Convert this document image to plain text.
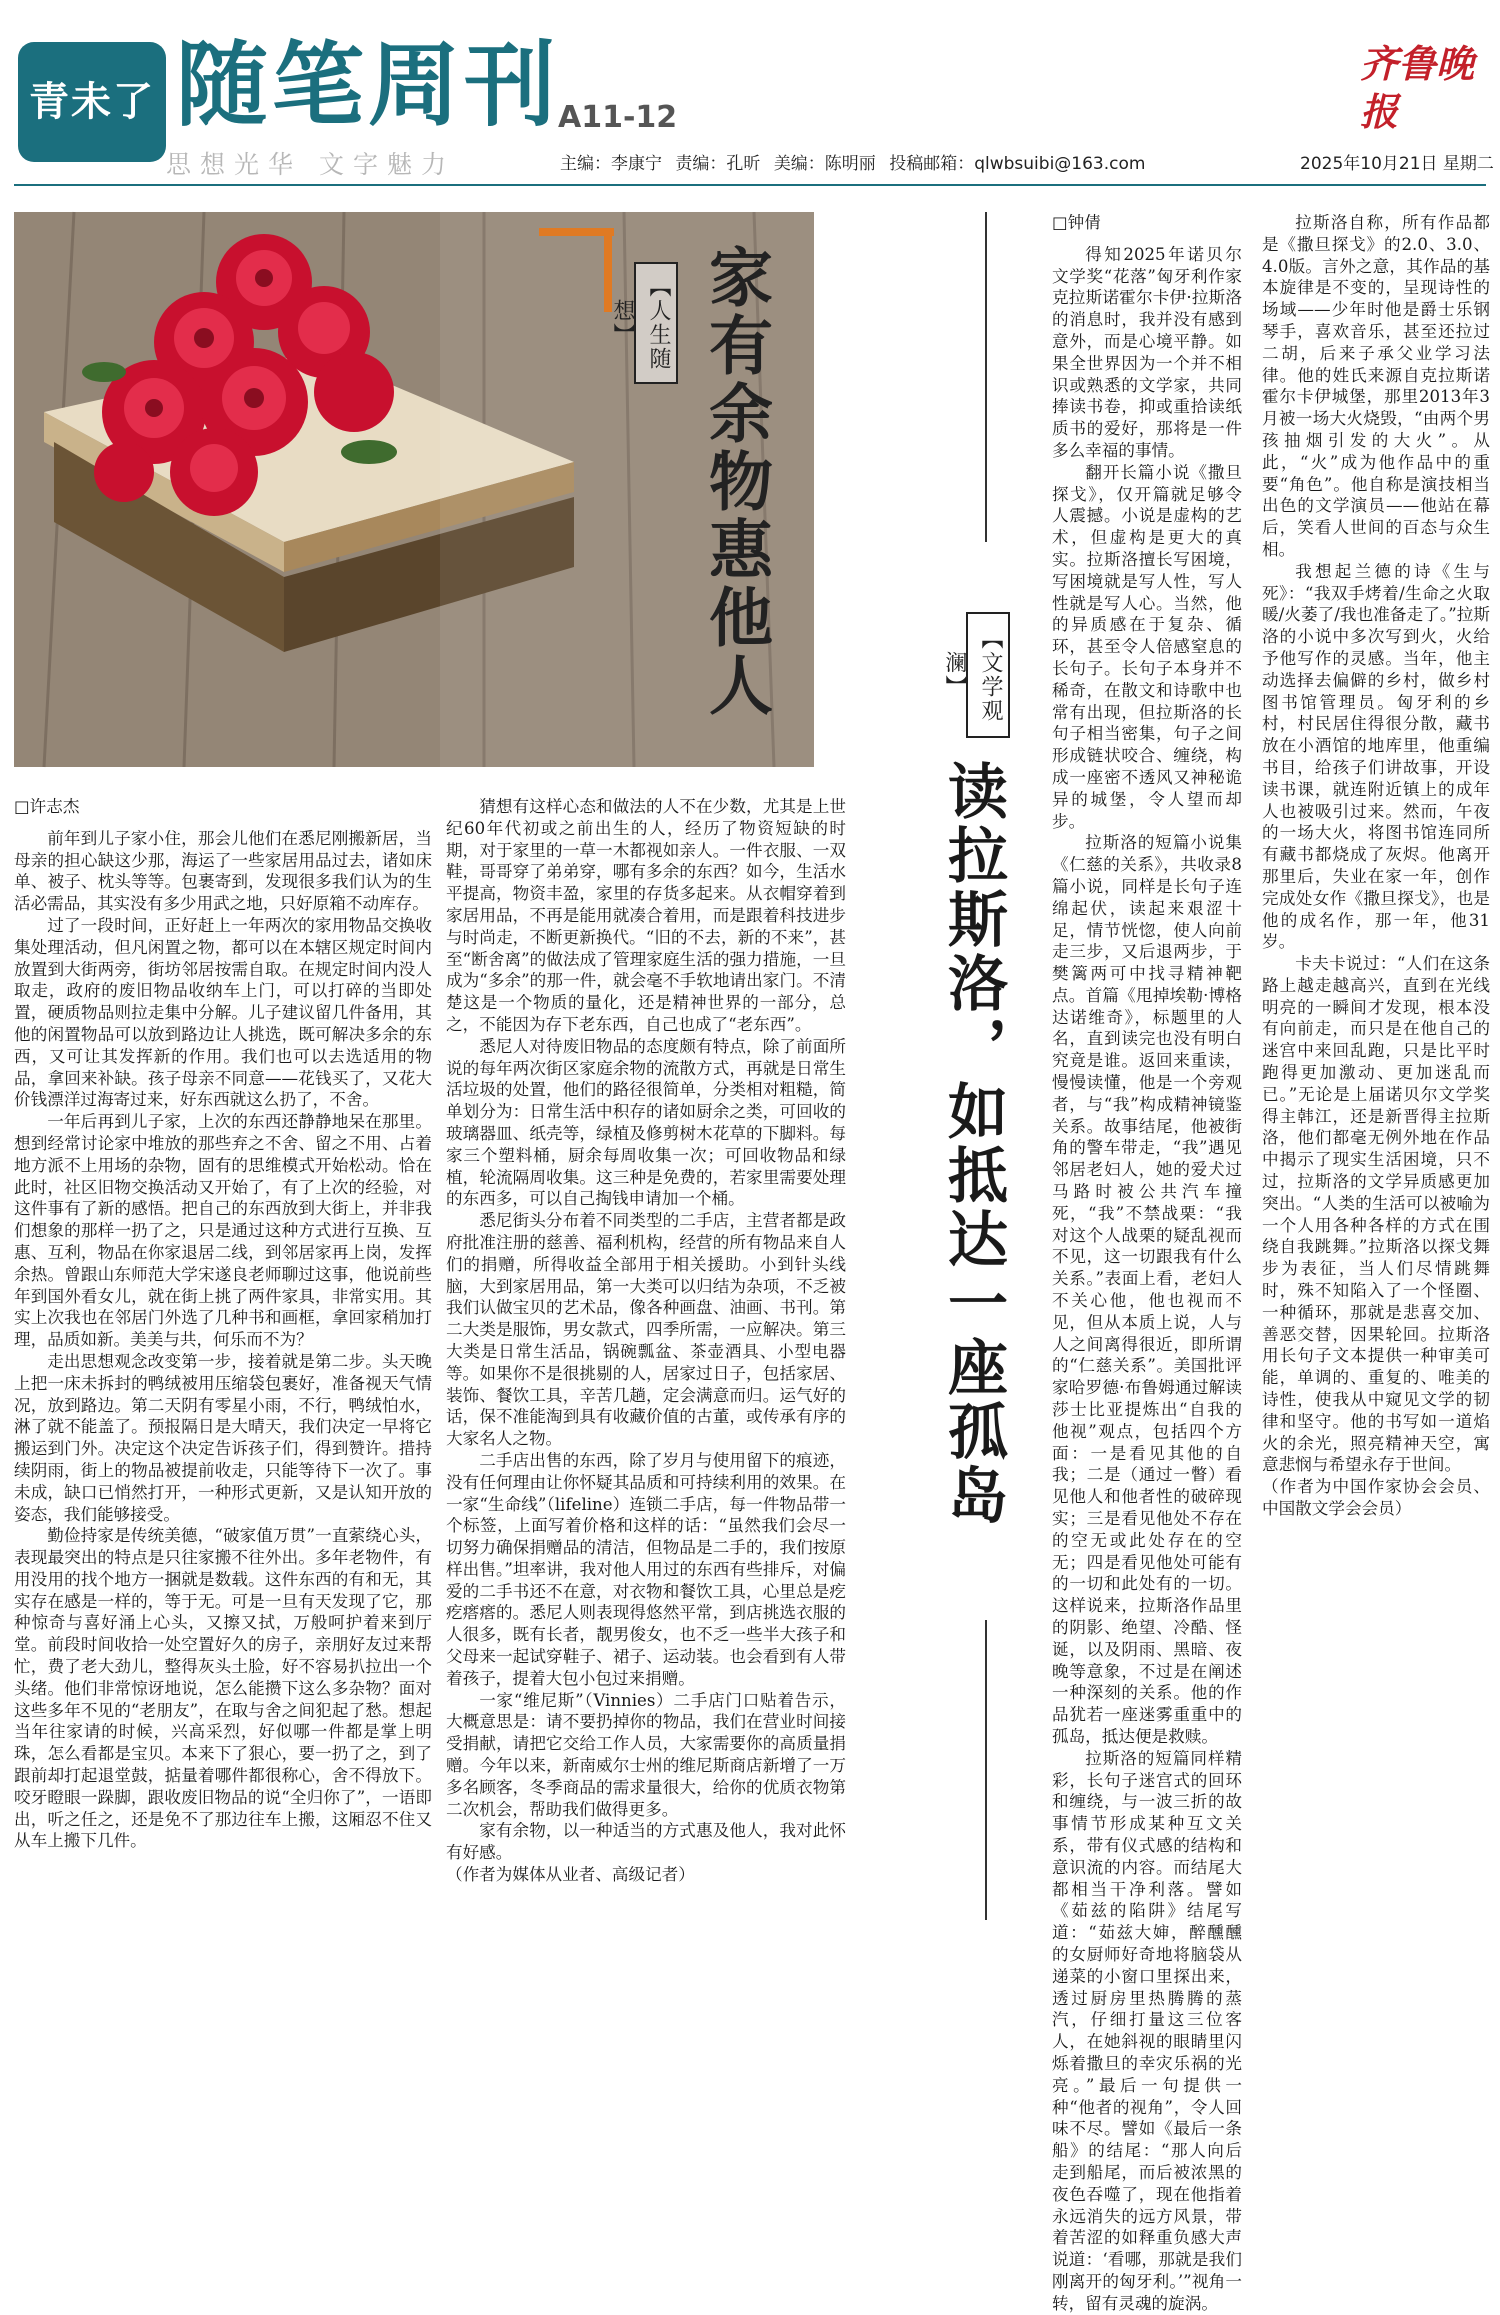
青未了 随笔周刊
思想光华 文字魅力
A11-12
主编：李康宁 责编：孔昕 美编：陈明丽 投稿邮箱：qlwbsuibi@163.com
齐鲁晚报
2025年10月21日 星期二
【人生随想】 家有余物惠他人

□许志杰

前年到儿子家小住，那会儿他们在悉尼刚搬新居，当母亲的担心缺这少那，海运了一些家居用品过去，诸如床单、被子、枕头等等。包裹寄到，发现很多我们认为的生活必需品，其实没有多少用武之地，只好原箱不动库存。

过了一段时间，正好赶上一年两次的家用物品交换收集处理活动，但凡闲置之物，都可以在本辖区规定时间内放置到大街两旁，街坊邻居按需自取。在规定时间内没人取走，政府的废旧物品收纳车上门，可以打碎的当即处置，硬质物品则拉走集中分解。儿子建议留几件备用，其他的闲置物品可以放到路边让人挑选，既可解决多余的东西，又可让其发挥新的作用。我们也可以去选适用的物品，拿回来补缺。孩子母亲不同意——花钱买了，又花大价钱漂洋过海寄过来，好东西就这么扔了，不舍。

一年后再到儿子家，上次的东西还静静地呆在那里。想到经常讨论家中堆放的那些弃之不舍、留之不用、占着地方派不上用场的杂物，固有的思维模式开始松动。恰在此时，社区旧物交换活动又开始了，有了上次的经验，对这件事有了新的感悟。把自己的东西放到大街上，并非我们想象的那样一扔了之，只是通过这种方式进行互换、互惠、互利，物品在你家退居二线，到邻居家再上岗，发挥余热。曾跟山东师范大学宋遂良老师聊过这事，他说前些年到国外看女儿，就在街上挑了两件家具，非常实用。其实上次我也在邻居门外选了几种书和画框，拿回家稍加打理，品质如新。美美与共，何乐而不为？

走出思想观念改变第一步，接着就是第二步。头天晚上把一床未拆封的鸭绒被用压缩袋包裹好，准备视天气情况，放到路边。第二天阴有零星小雨，不行，鸭绒怕水，淋了就不能盖了。预报隔日是大晴天，我们决定一早将它搬运到门外。决定这个决定告诉孩子们，得到赞许。措持续阴雨，街上的物品被提前收走，只能等待下一次了。事未成，缺口已悄然打开，一种形式更新，又是认知开放的姿态，我们能够接受。

勤俭持家是传统美德，“破家值万贯”一直萦绕心头，表现最突出的特点是只往家搬不往外出。多年老物件，有用没用的找个地方一捆就是数载。这件东西的有和无，其实存在感是一样的，等于无。可是一旦有天发现了它，那种惊奇与喜好涌上心头，又擦又拭，万般呵护着来到厅堂。前段时间收拾一处空置好久的房子，亲朋好友过来帮忙，费了老大劲儿，整得灰头土脸，好不容易扒拉出一个头绪。他们非常惊讶地说，怎么能攒下这么多杂物？面对这些多年不见的“老朋友”，在取与舍之间犯起了愁。想起当年往家请的时候，兴高采烈，好似哪一件都是掌上明珠，怎么看都是宝贝。本来下了狠心，要一扔了之，到了跟前却打起退堂鼓，掂量着哪件都很称心，舍不得放下。咬牙瞪眼一跺脚，跟收废旧物品的说“全归你了”，一语即出，听之任之，还是免不了那边往车上搬，这厢忍不住又从车上搬下几件。

猜想有这样心态和做法的人不在少数，尤其是上世纪60年代初或之前出生的人，经历了物资短缺的时期，对于家里的一草一木都视如亲人。一件衣服、一双鞋，哥哥穿了弟弟穿，哪有多余的东西？如今，生活水平提高，物资丰盈，家里的存货多起来。从衣帽穿着到家居用品，不再是能用就凑合着用，而是跟着科技进步与时尚走，不断更新换代。“旧的不去，新的不来”，甚至“断舍离”的做法成了管理家庭生活的强力措施，一旦成为“多余”的那一件，就会毫不手软地请出家门。不清楚这是一个物质的量化，还是精神世界的一部分，总之，不能因为存下老东西，自己也成了“老东西”。

悉尼人对待废旧物品的态度颇有特点，除了前面所说的每年两次街区家庭余物的流散方式，再就是日常生活垃圾的处置，他们的路径很简单，分类相对粗糙，简单划分为：日常生活中积存的诸如厨余之类，可回收的玻璃器皿、纸壳等，绿植及修剪树木花草的下脚料。每家三个塑料桶，厨余每周收集一次；可回收物品和绿植，轮流隔周收集。这三种是免费的，若家里需要处理的东西多，可以自己掏钱申请加一个桶。

悉尼街头分布着不同类型的二手店，主营者都是政府批准注册的慈善、福利机构，经营的所有物品来自人们的捐赠，所得收益全部用于相关援助。小到针头线脑，大到家居用品，第一大类可以归结为杂项，不乏被我们认做宝贝的艺术品，像各种画盘、油画、书刊。第二大类是服饰，男女款式，四季所需，一应解决。第三大类是日常生活品，锅碗瓢盆、茶壶酒具、小型电器等。如果你不是很挑剔的人，居家过日子，包括家居、装饰、餐饮工具，辛苦几趟，定会满意而归。运气好的话，保不准能淘到具有收藏价值的古董，或传承有序的大家名人之物。

二手店出售的东西，除了岁月与使用留下的痕迹，没有任何理由让你怀疑其品质和可持续利用的效果。在一家“生命线”（lifeline）连锁二手店，每一件物品带一个标签，上面写着价格和这样的话：“虽然我们会尽一切努力确保捐赠品的清洁，但物品是二手的，我们按原样出售。”坦率讲，我对他人用过的东西有些排斥，对偏爱的二手书还不在意，对衣物和餐饮工具，心里总是疙疙瘩瘩的。悉尼人则表现得悠然平常，到店挑选衣服的人很多，既有长者，靓男俊女，也不乏一些半大孩子和父母来一起试穿鞋子、裙子、运动装。也会看到有人带着孩子，提着大包小包过来捐赠。

一家“维尼斯”（Vinnies）二手店门口贴着告示，大概意思是：请不要扔掉你的物品，我们在营业时间接受捐献，请把它交给工作人员，大家需要你的高质量捐赠。今年以来，新南威尔士州的维尼斯商店新增了一万多名顾客，冬季商品的需求量很大，给你的优质衣物第二次机会，帮助我们做得更多。

家有余物，以一种适当的方式惠及他人，我对此怀有好感。

（作者为媒体从业者、高级记者）

【文学观澜】
读拉斯洛，如抵达一座孤岛

□钟倩

得知2025年诺贝尔文学奖“花落”匈牙利作家克拉斯诺霍尔卡伊·拉斯洛的消息时，我并没有感到意外，而是心境平静。如果全世界因为一个并不相识或熟悉的文学家，共同捧读书卷，抑或重拾读纸质书的爱好，那将是一件多么幸福的事情。

翻开长篇小说《撒旦探戈》，仅开篇就足够令人震撼。小说是虚构的艺术，但虚构是更大的真实。拉斯洛擅长写困境，写困境就是写人性，写人性就是写人心。当然，他的异质感在于复杂、循环，甚至令人倍感窒息的长句子。长句子本身并不稀奇，在散文和诗歌中也常有出现，但拉斯洛的长句子相当密集，句子之间形成链状咬合、缠绕，构成一座密不透风又神秘诡异的城堡，令人望而却步。

拉斯洛的短篇小说集《仁慈的关系》，共收录8篇小说，同样是长句子连绵起伏，读起来艰涩十足，情节恍惚，使人向前走三步，又后退两步，于樊篱两可中找寻精神靶点。首篇《甩掉埃勒·博格达诺维奇》，标题里的人名，直到读完也没有明白究竟是谁。返回来重读，慢慢读懂，他是一个旁观者，与“我”构成精神镜鉴关系。故事结尾，他被街角的警车带走，“我”遇见邻居老妇人，她的爱犬过马路时被公共汽车撞死，“我”不禁战栗：“我对这个人战栗的疑乱视而不见，这一切跟我有什么关系。”表面上看，老妇人不关心他，他也视而不见，但从本质上说，人与人之间离得很近，即所谓的“仁慈关系”。美国批评家哈罗德·布鲁姆通过解读莎士比亚提炼出“自我的他视”观点，包括四个方面：一是看见其他的自我；二是（通过一瞥）看见他人和他者性的破碎现实；三是看见他处不存在的空无或此处存在的空无；四是看见他处可能有的一切和此处有的一切。这样说来，拉斯洛作品里的阴影、绝望、冷酷、怪诞，以及阴雨、黑暗、夜晚等意象，不过是在阐述一种深刻的关系。他的作品犹若一座迷雾重重中的孤岛，抵达便是救赎。

拉斯洛的短篇同样精彩，长句子迷宫式的回环和缠绕，与一波三折的故事情节形成某种互文关系，带有仪式感的结构和意识流的内容。而结尾大都相当干净利落。譬如《茹兹的陷阱》结尾写道：“茹兹大婶，醉醺醺的女厨师好奇地将脑袋从递菜的小窗口里探出来，透过厨房里热腾腾的蒸汽，仔细打量这三位客人，在她斜视的眼睛里闪烁着撒旦的幸灾乐祸的光亮。”最后一句提供一种“他者的视角”，令人回味不尽。譬如《最后一条船》的结尾：“那人向后走到船尾，而后被浓黑的夜色吞噬了，现在他指着永远消失的远方风景，带着苦涩的如释重负感大声说道：‘看哪，那就是我们刚离开的匈牙利。’”视角一转，留有灵魂的旋涡。

拉斯洛自称，所有作品都是《撒旦探戈》的2.0、3.0、4.0版。言外之意，其作品的基本旋律是不变的，呈现诗性的场域——少年时他是爵士乐钢琴手，喜欢音乐，甚至还拉过二胡，后来子承父业学习法律。他的姓氏来源自克拉斯诺霍尔卡伊城堡，那里2013年3月被一场大火烧毁，“由两个男孩抽烟引发的大火”。从此，“火”成为他作品中的重要“角色”。他自称是演技相当出色的文学演员——他站在幕后，笑看人世间的百态与众生相。

我想起兰德的诗《生与死》：“我双手烤着/生命之火取暖/火萎了/我也准备走了。”拉斯洛的小说中多次写到火，火给予他写作的灵感。当年，他主动选择去偏僻的乡村，做乡村图书馆管理员。匈牙利的乡村，村民居住得很分散，藏书放在小酒馆的地库里，他重编书目，给孩子们讲故事，开设读书课，就连附近镇上的成年人也被吸引过来。然而，午夜的一场大火，将图书馆连同所有藏书都烧成了灰烬。他离开那里后，失业在家一年，创作完成处女作《撒旦探戈》，也是他的成名作，那一年，他31岁。

卡夫卡说过：“人们在这条路上越走越高兴，直到在光线明亮的一瞬间才发现，根本没有向前走，而只是在他自己的迷宫中来回乱跑，只是比平时跑得更加激动、更加迷乱而已。”无论是上届诺贝尔文学奖得主韩江，还是新晋得主拉斯洛，他们都毫无例外地在作品中揭示了现实生活困境，只不过，拉斯洛的文学异质感更加突出。“人类的生活可以被喻为一个人用各种各样的方式在围绕自我跳舞。”拉斯洛以探戈舞步为表征，当人们尽情跳舞时，殊不知陷入了一个怪圈、一种循环，那就是悲喜交加、善恶交替，因果轮回。拉斯洛用长句子文本提供一种审美可能，单调的、重复的、唯美的诗性，使我从中窥见文学的韧律和坚守。他的书写如一道焰火的余光，照亮精神天空，寓意悲悯与希望永存于世间。

（作者为中国作家协会会员、中国散文学会会员）
